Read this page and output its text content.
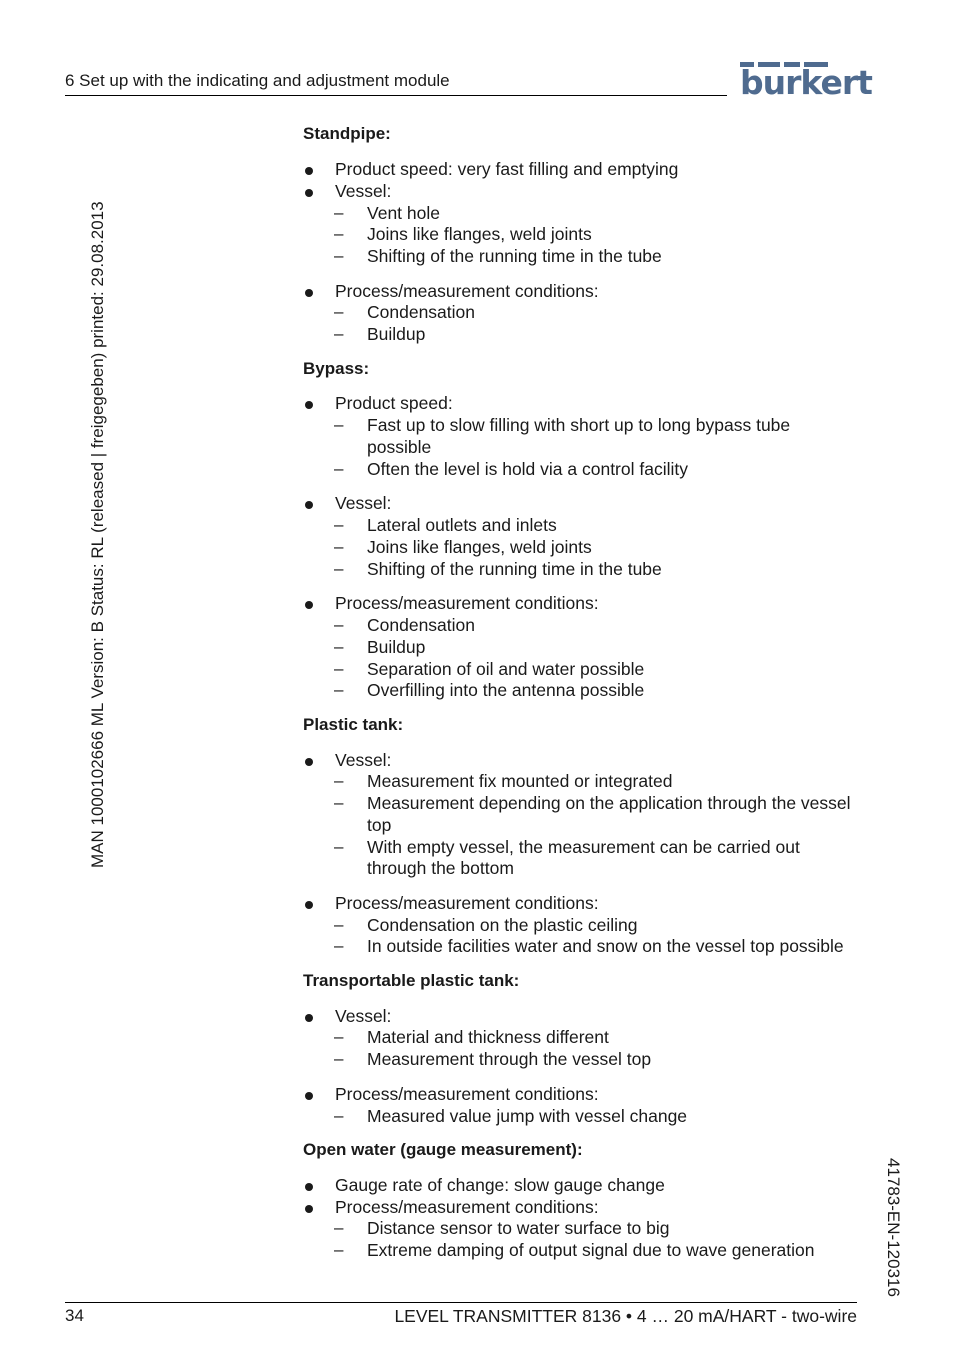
6 Set up with the indicating and adjustment module	burkert
MAN 1000102666 ML Version: B Status: RL (released | freigegeben) printed: 29.08.2013
41783-EN-120316
Standpipe:
Product speed: very fast filling and emptying
Vessel:
– Vent hole
– Joins like flanges, weld joints
– Shifting of the running time in the tube
Process/measurement conditions:
– Condensation
– Buildup
Bypass:
Product speed:
– Fast up to slow filling with short up to long bypass tube
possible
– Often the level is hold via a control facility
Vessel:
– Lateral outlets and inlets
– Joins like flanges, weld joints
– Shifting of the running time in the tube
Process/measurement conditions:
– Condensation
– Buildup
– Separation of oil and water possible
– Overfilling into the antenna possible
Plastic tank:
Vessel:
– Measurement fix mounted or integrated
– Measurement depending on the application through the vessel
top
– With empty vessel, the measurement can be carried out
through the bottom
Process/measurement conditions:
– Condensation on the plastic ceiling
– In outside facilities water and snow on the vessel top possible
Transportable plastic tank:
Vessel:
– Material and thickness different
– Measurement through the vessel top
Process/measurement conditions:
– Measured value jump with vessel change
Open water (gauge measurement):
Gauge rate of change: slow gauge change
Process/measurement conditions:
– Distance sensor to water surface to big
– Extreme damping of output signal due to wave generation
34	LEVEL TRANSMITTER 8136 • 4 … 20 mA/HART - two-wire
